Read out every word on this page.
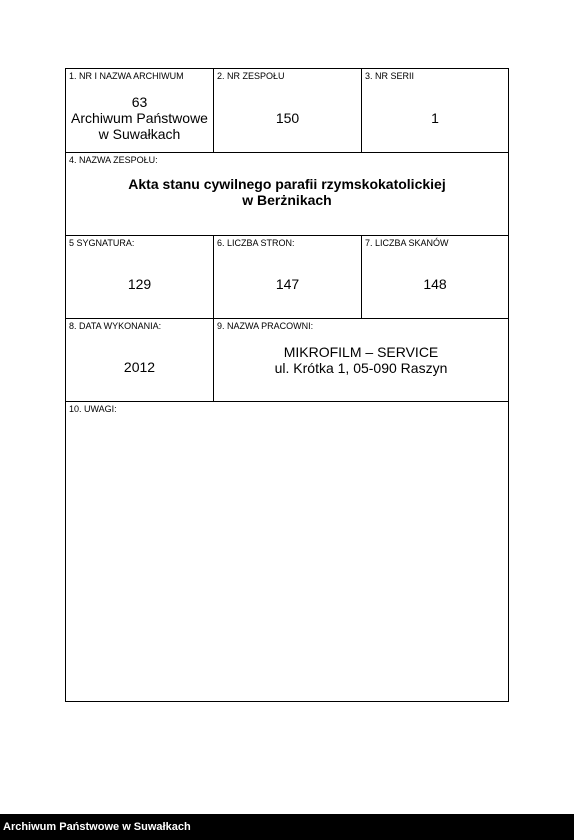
1. NR I NAZWA ARCHIWUM
63
Archiwum Państwowe
w Suwałkach
2. NR ZESPOŁU
150
3. NR SERII
1
4. NAZWA ZESPOŁU:
Akta stanu cywilnego parafii rzymskokatolickiej
w Berżnikach
5 SYGNATURA:
129
6. LICZBA STRON:
147
7. LICZBA SKANÓW
148
8. DATA WYKONANIA:
2012
9. NAZWA PRACOWNI:
MIKROFILM – SERVICE
ul. Krótka 1, 05-090 Raszyn
10. UWAGI:
Archiwum Państwowe w Suwałkach
